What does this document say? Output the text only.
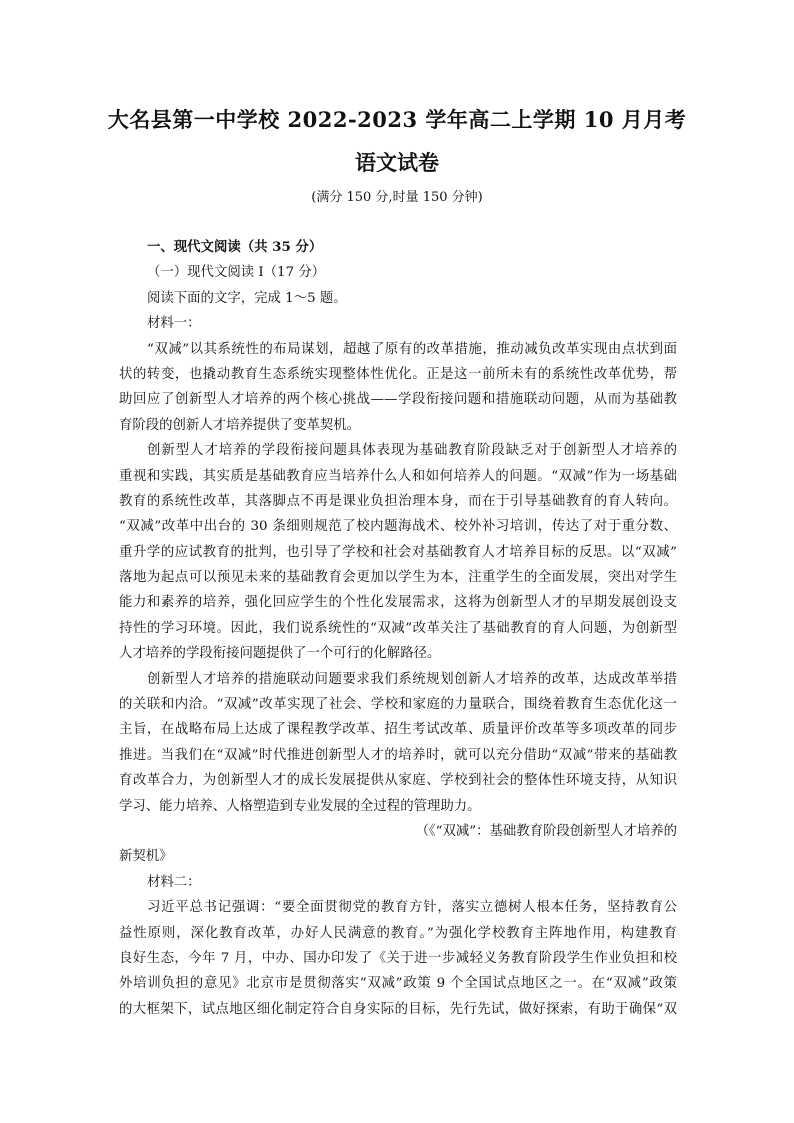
大名县第一中学校 2022-2023 学年高二上学期 10 月月考
语文试卷
(满分 150 分,时量 150 分钟)
一、现代文阅读（共 35 分）
（一）现代文阅读 I（17 分）
阅读下面的文字，完成 1～5 题。
材料一：
“双减”以其系统性的布局谋划，超越了原有的改革措施，推动减负改革实现由点状到面
状的转变，也撬动教育生态系统实现整体性优化。正是这一前所未有的系统性改革优势，帮
助回应了创新型人才培养的两个核心挑战——学段衔接问题和措施联动问题，从而为基础教
育阶段的创新人才培养提供了变革契机。
创新型人才培养的学段衔接问题具体表现为基础教育阶段缺乏对于创新型人才培养的
重视和实践，其实质是基础教育应当培养什么人和如何培养人的问题。“双减”作为一场基础
教育的系统性改革，其落脚点不再是课业负担治理本身，而在于引导基础教育的育人转向。
“双减”改革中出台的 30 条细则规范了校内题海战术、校外补习培训，传达了对于重分数、
重升学的应试教育的批判，也引导了学校和社会对基础教育人才培养目标的反思。以“双减”
落地为起点可以预见未来的基础教育会更加以学生为本，注重学生的全面发展，突出对学生
能力和素养的培养，强化回应学生的个性化发展需求，这将为创新型人才的早期发展创设支
持性的学习环境。因此，我们说系统性的“双减”改革关注了基础教育的育人问题，为创新型
人才培养的学段衔接问题提供了一个可行的化解路径。
创新型人才培养的措施联动问题要求我们系统规划创新人才培养的改革，达成改革举措
的关联和内洽。“双减”改革实现了社会、学校和家庭的力量联合，围绕着教育生态优化这一
主旨，在战略布局上达成了课程教学改革、招生考试改革、质量评价改革等多项改革的同步
推进。当我们在“双减”时代推进创新型人才的培养时，就可以充分借助“双减”带来的基础教
育改革合力，为创新型人才的成长发展提供从家庭、学校到社会的整体性环境支持，从知识
学习、能力培养、人格塑造到专业发展的全过程的管理助力。
（《“双减”：基础教育阶段创新型人才培养的
新契机》
材料二：
习近平总书记强调：“要全面贯彻党的教育方针，落实立德树人根本任务，坚持教育公
益性原则，深化教育改革，办好人民满意的教育。”为强化学校教育主阵地作用，构建教育
良好生态，今年 7 月，中办、国办印发了《关于进一步减轻义务教育阶段学生作业负担和校
外培训负担的意见》北京市是贯彻落实“双减”政策 9 个全国试点地区之一。在“双减”政策
的大框架下，试点地区细化制定符合自身实际的目标，先行先试，做好探索，有助于确保“双
